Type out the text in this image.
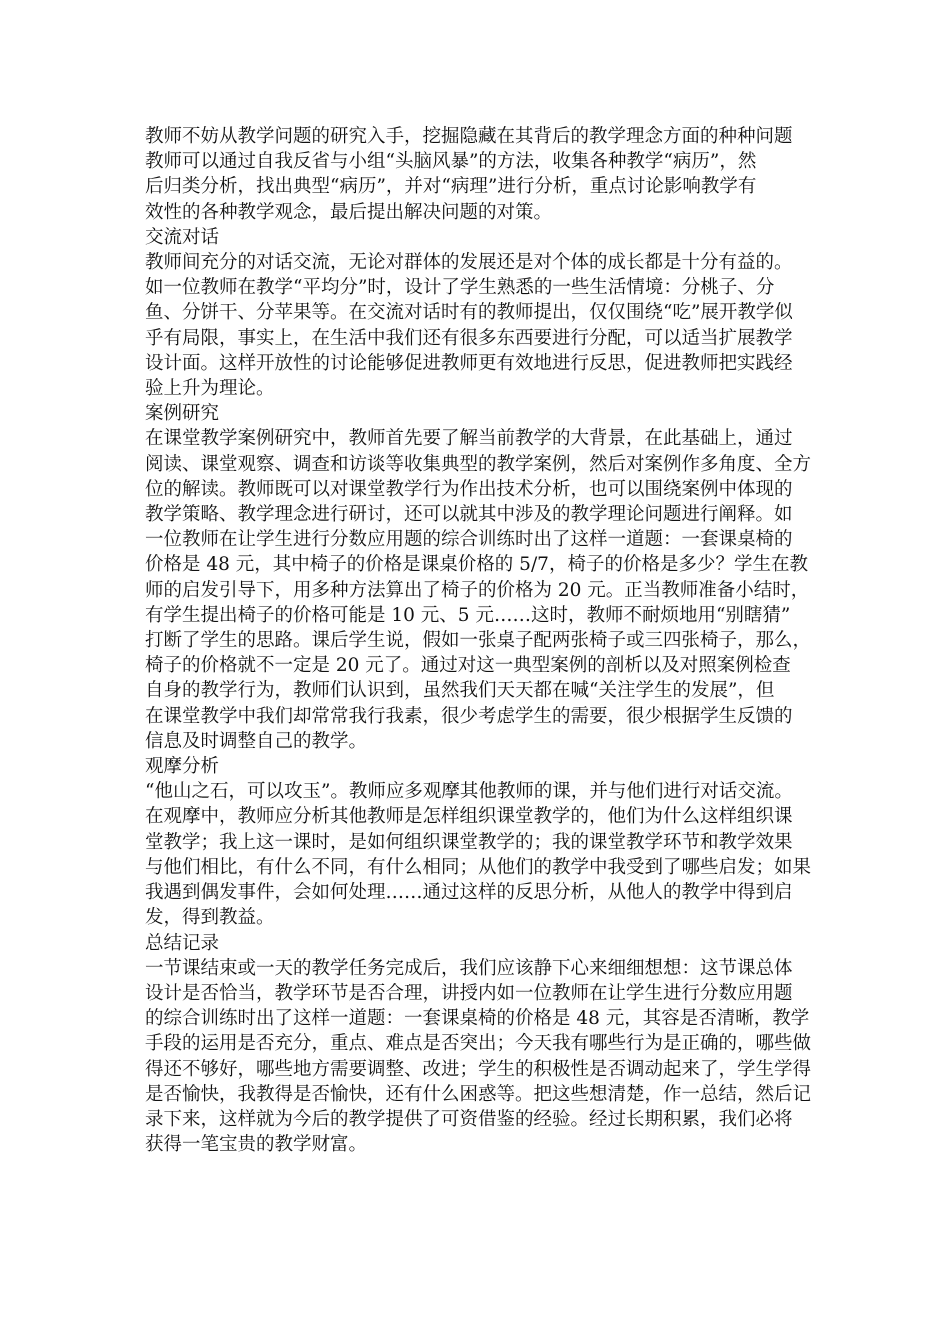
教师不妨从教学问题的研究入手，挖掘隐藏在其背后的教学理念方面的种种问题
教师可以通过自我反省与小组“头脑风暴”的方法，收集各种教学“病历”，然
后归类分析，找出典型“病历”，并对“病理”进行分析，重点讨论影响教学有
效性的各种教学观念，最后提出解决问题的对策。

交流对话

教师间充分的对话交流，无论对群体的发展还是对个体的成长都是十分有益的。
如一位教师在教学“平均分”时，设计了学生熟悉的一些生活情境：分桃子、分
鱼、分饼干、分苹果等。在交流对话时有的教师提出，仅仅围绕“吃”展开教学似
乎有局限，事实上，在生活中我们还有很多东西要进行分配，可以适当扩展教学
设计面。这样开放性的讨论能够促进教师更有效地进行反思，促进教师把实践经
验上升为理论。

案例研究

在课堂教学案例研究中，教师首先要了解当前教学的大背景，在此基础上，通过
阅读、课堂观察、调查和访谈等收集典型的教学案例，然后对案例作多角度、全方
位的解读。教师既可以对课堂教学行为作出技术分析，也可以围绕案例中体现的
教学策略、教学理念进行研讨，还可以就其中涉及的教学理论问题进行阐释。如
一位教师在让学生进行分数应用题的综合训练时出了这样一道题：一套课桌椅的
价格是 48 元，其中椅子的价格是课桌价格的 5/7，椅子的价格是多少？学生在教
师的启发引导下，用多种方法算出了椅子的价格为 20 元。正当教师准备小结时，
有学生提出椅子的价格可能是 10 元、5 元……这时，教师不耐烦地用“别瞎猜”
打断了学生的思路。课后学生说，假如一张桌子配两张椅子或三四张椅子，那么，
椅子的价格就不一定是 20 元了。通过对这一典型案例的剖析以及对照案例检查
自身的教学行为，教师们认识到，虽然我们天天都在喊“关注学生的发展”，但
在课堂教学中我们却常常我行我素，很少考虑学生的需要，很少根据学生反馈的
信息及时调整自己的教学。

观摩分析

“他山之石，可以攻玉”。教师应多观摩其他教师的课，并与他们进行对话交流。
在观摩中，教师应分析其他教师是怎样组织课堂教学的，他们为什么这样组织课
堂教学；我上这一课时，是如何组织课堂教学的；我的课堂教学环节和教学效果
与他们相比，有什么不同，有什么相同；从他们的教学中我受到了哪些启发；如果
我遇到偶发事件，会如何处理……通过这样的反思分析，从他人的教学中得到启
发，得到教益。

总结记录

一节课结束或一天的教学任务完成后，我们应该静下心来细细想想：这节课总体
设计是否恰当，教学环节是否合理，讲授内如一位教师在让学生进行分数应用题
的综合训练时出了这样一道题：一套课桌椅的价格是 48 元，其容是否清晰，教学
手段的运用是否充分，重点、难点是否突出；今天我有哪些行为是正确的，哪些做
得还不够好，哪些地方需要调整、改进；学生的积极性是否调动起来了，学生学得
是否愉快，我教得是否愉快，还有什么困惑等。把这些想清楚，作一总结，然后记
录下来，这样就为今后的教学提供了可资借鉴的经验。经过长期积累，我们必将
获得一笔宝贵的教学财富。
